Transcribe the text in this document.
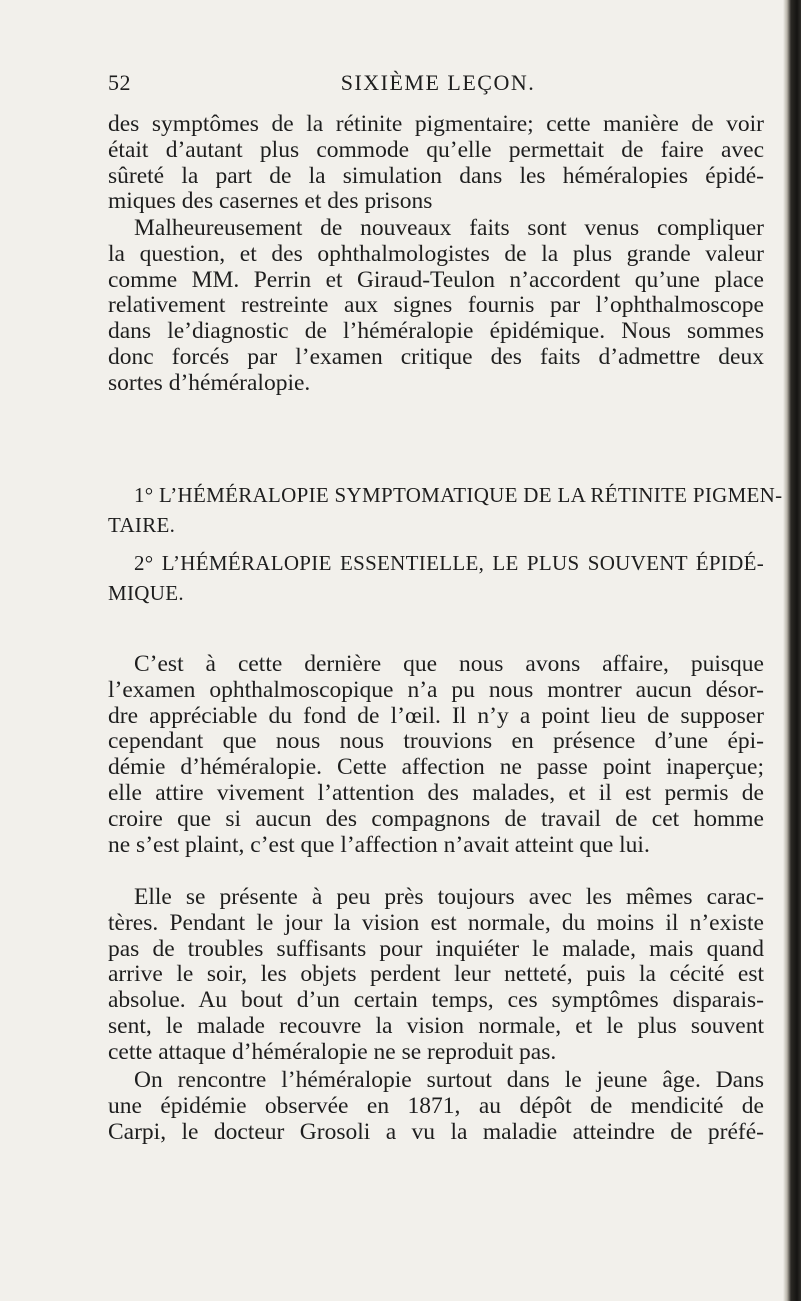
52	SIXIÈME LEÇON.
des symptômes de la rétinite pigmentaire; cette manière de voir
était d’autant plus commode qu’elle permettait de faire avec
sûreté la part de la simulation dans les héméralopies épidé-
miques des casernes et des prisons
Malheureusement de nouveaux faits sont venus compliquer
la question, et des ophthalmologistes de la plus grande valeur
comme MM. Perrin et Giraud-Teulon n’accordent qu’une place
relativement restreinte aux signes fournis par l’ophthalmoscope
dans le’diagnostic de l’héméralopie épidémique. Nous sommes
donc forcés par l’examen critique des faits d’admettre deux
sortes d’héméralopie.
1° L’HÉMÉRALOPIE SYMPTOMATIQUE DE LA RÉTINITE PIGMEN-
TAIRE.
2° L’HÉMÉRALOPIE ESSENTIELLE, LE PLUS SOUVENT ÉPIDÉ-
MIQUE.
C’est à cette dernière que nous avons affaire, puisque
l’examen ophthalmoscopique n’a pu nous montrer aucun désor-
dre appréciable du fond de l’œil. Il n’y a point lieu de supposer
cependant que nous nous trouvions en présence d’une épi-
démie d’héméralopie. Cette affection ne passe point inaperçue;
elle attire vivement l’attention des malades, et il est permis de
croire que si aucun des compagnons de travail de cet homme
ne s’est plaint, c’est que l’affection n’avait atteint que lui.
Elle se présente à peu près toujours avec les mêmes carac-
tères. Pendant le jour la vision est normale, du moins il n’existe
pas de troubles suffisants pour inquiéter le malade, mais quand
arrive le soir, les objets perdent leur netteté, puis la cécité est
absolue. Au bout d’un certain temps, ces symptômes disparais-
sent, le malade recouvre la vision normale, et le plus souvent
cette attaque d’héméralopie ne se reproduit pas.
On rencontre l’héméralopie surtout dans le jeune âge. Dans
une épidémie observée en 1871, au dépôt de mendicité de
Carpi, le docteur Grosoli a vu la maladie atteindre de préfé-
